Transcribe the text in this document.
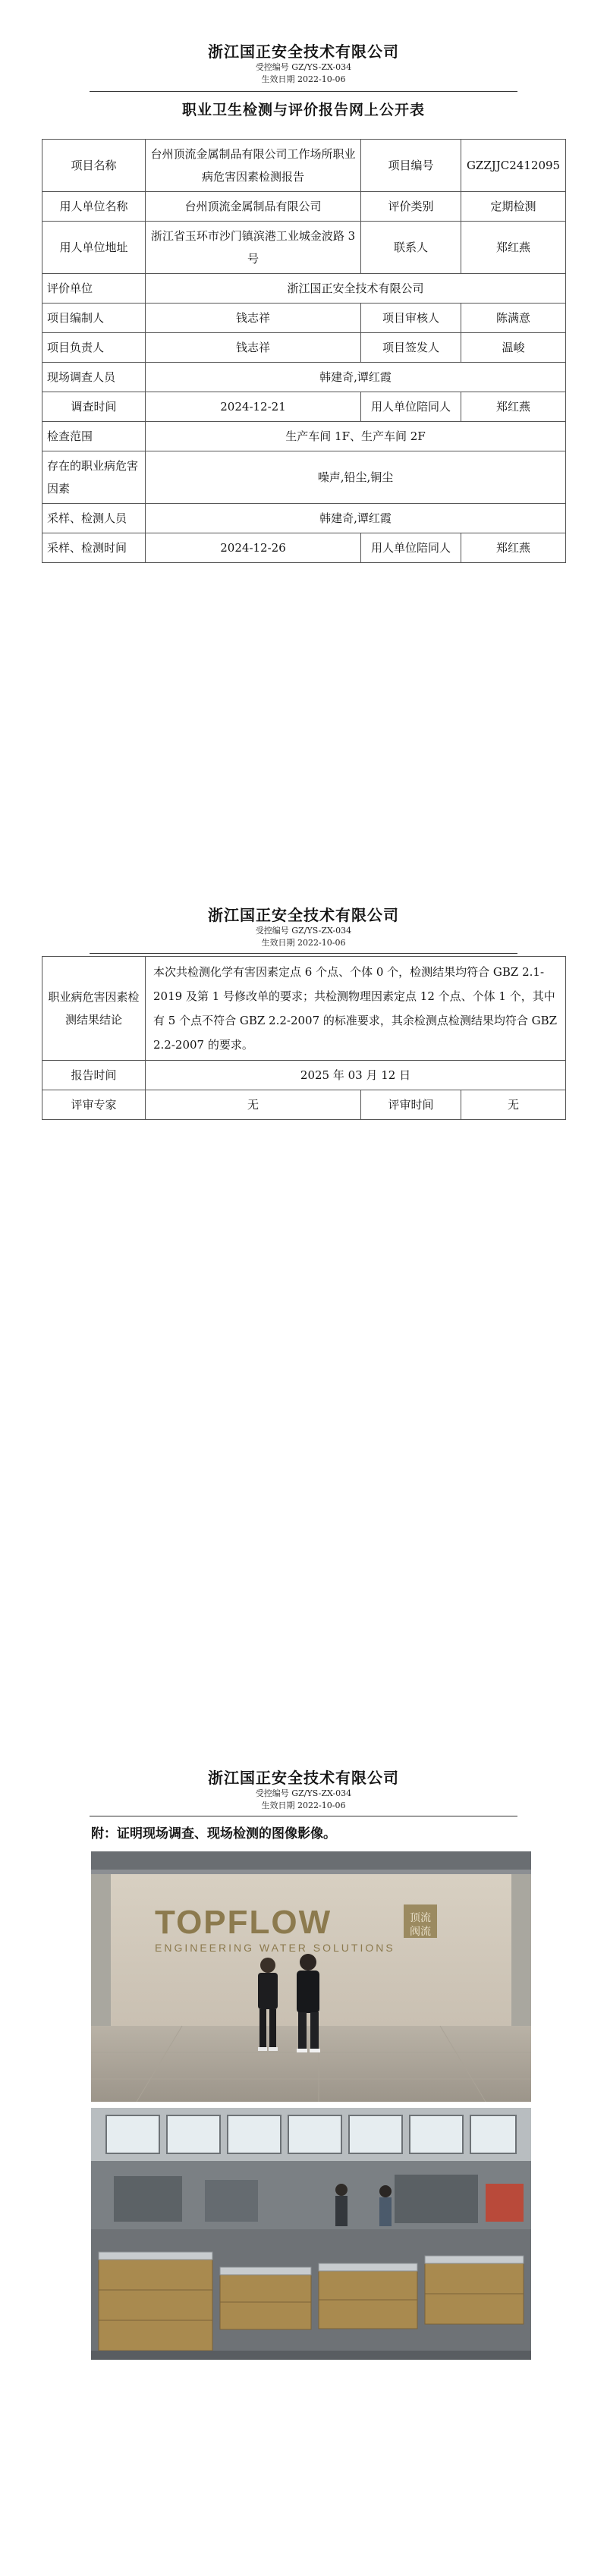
浙江国正安全技术有限公司
受控编号 GZ/YS-ZX-034
生效日期 2022-10-06
职业卫生检测与评价报告网上公开表
项目名称	台州顶流金属制品有限公司工作场所职业病危害因素检测报告	项目编号	GZZJJC2412095
用人单位名称	台州顶流金属制品有限公司	评价类别	定期检测
用人单位地址	浙江省玉环市沙门镇滨港工业城金波路 3 号	联系人	郑红燕
评价单位	浙江国正安全技术有限公司		
项目编制人	钱志祥	项目审核人	陈满意
项目负责人	钱志祥	项目签发人	温峻
现场调查人员	韩建奇,谭红霞		
调查时间	2024-12-21	用人单位陪同人	郑红燕
检查范围	生产车间 1F、生产车间 2F		
存在的职业病危害因素	噪声,铅尘,铜尘		
采样、检测人员	韩建奇,谭红霞		
采样、检测时间	2024-12-26	用人单位陪同人	郑红燕
浙江国正安全技术有限公司
受控编号 GZ/YS-ZX-034
生效日期 2022-10-06
职业病危害因素检测结果结论	本次共检测化学有害因素定点 6 个点、个体 0 个，检测结果均符合 GBZ 2.1-2019 及第 1 号修改单的要求；共检测物理因素定点 12 个点、个体 1 个，其中有 5 个点不符合 GBZ 2.2-2007 的标准要求，其余检测点检测结果均符合 GBZ 2.2-2007 的要求。		
报告时间	2025 年 03 月 12 日		
评审专家	无	评审时间	无
浙江国正安全技术有限公司
受控编号 GZ/YS-ZX-034
生效日期 2022-10-06
附：证明现场调查、现场检测的图像影像。
TOPFLOW	顶流
阀流
ENGINEERING WATER SOLUTIONS
